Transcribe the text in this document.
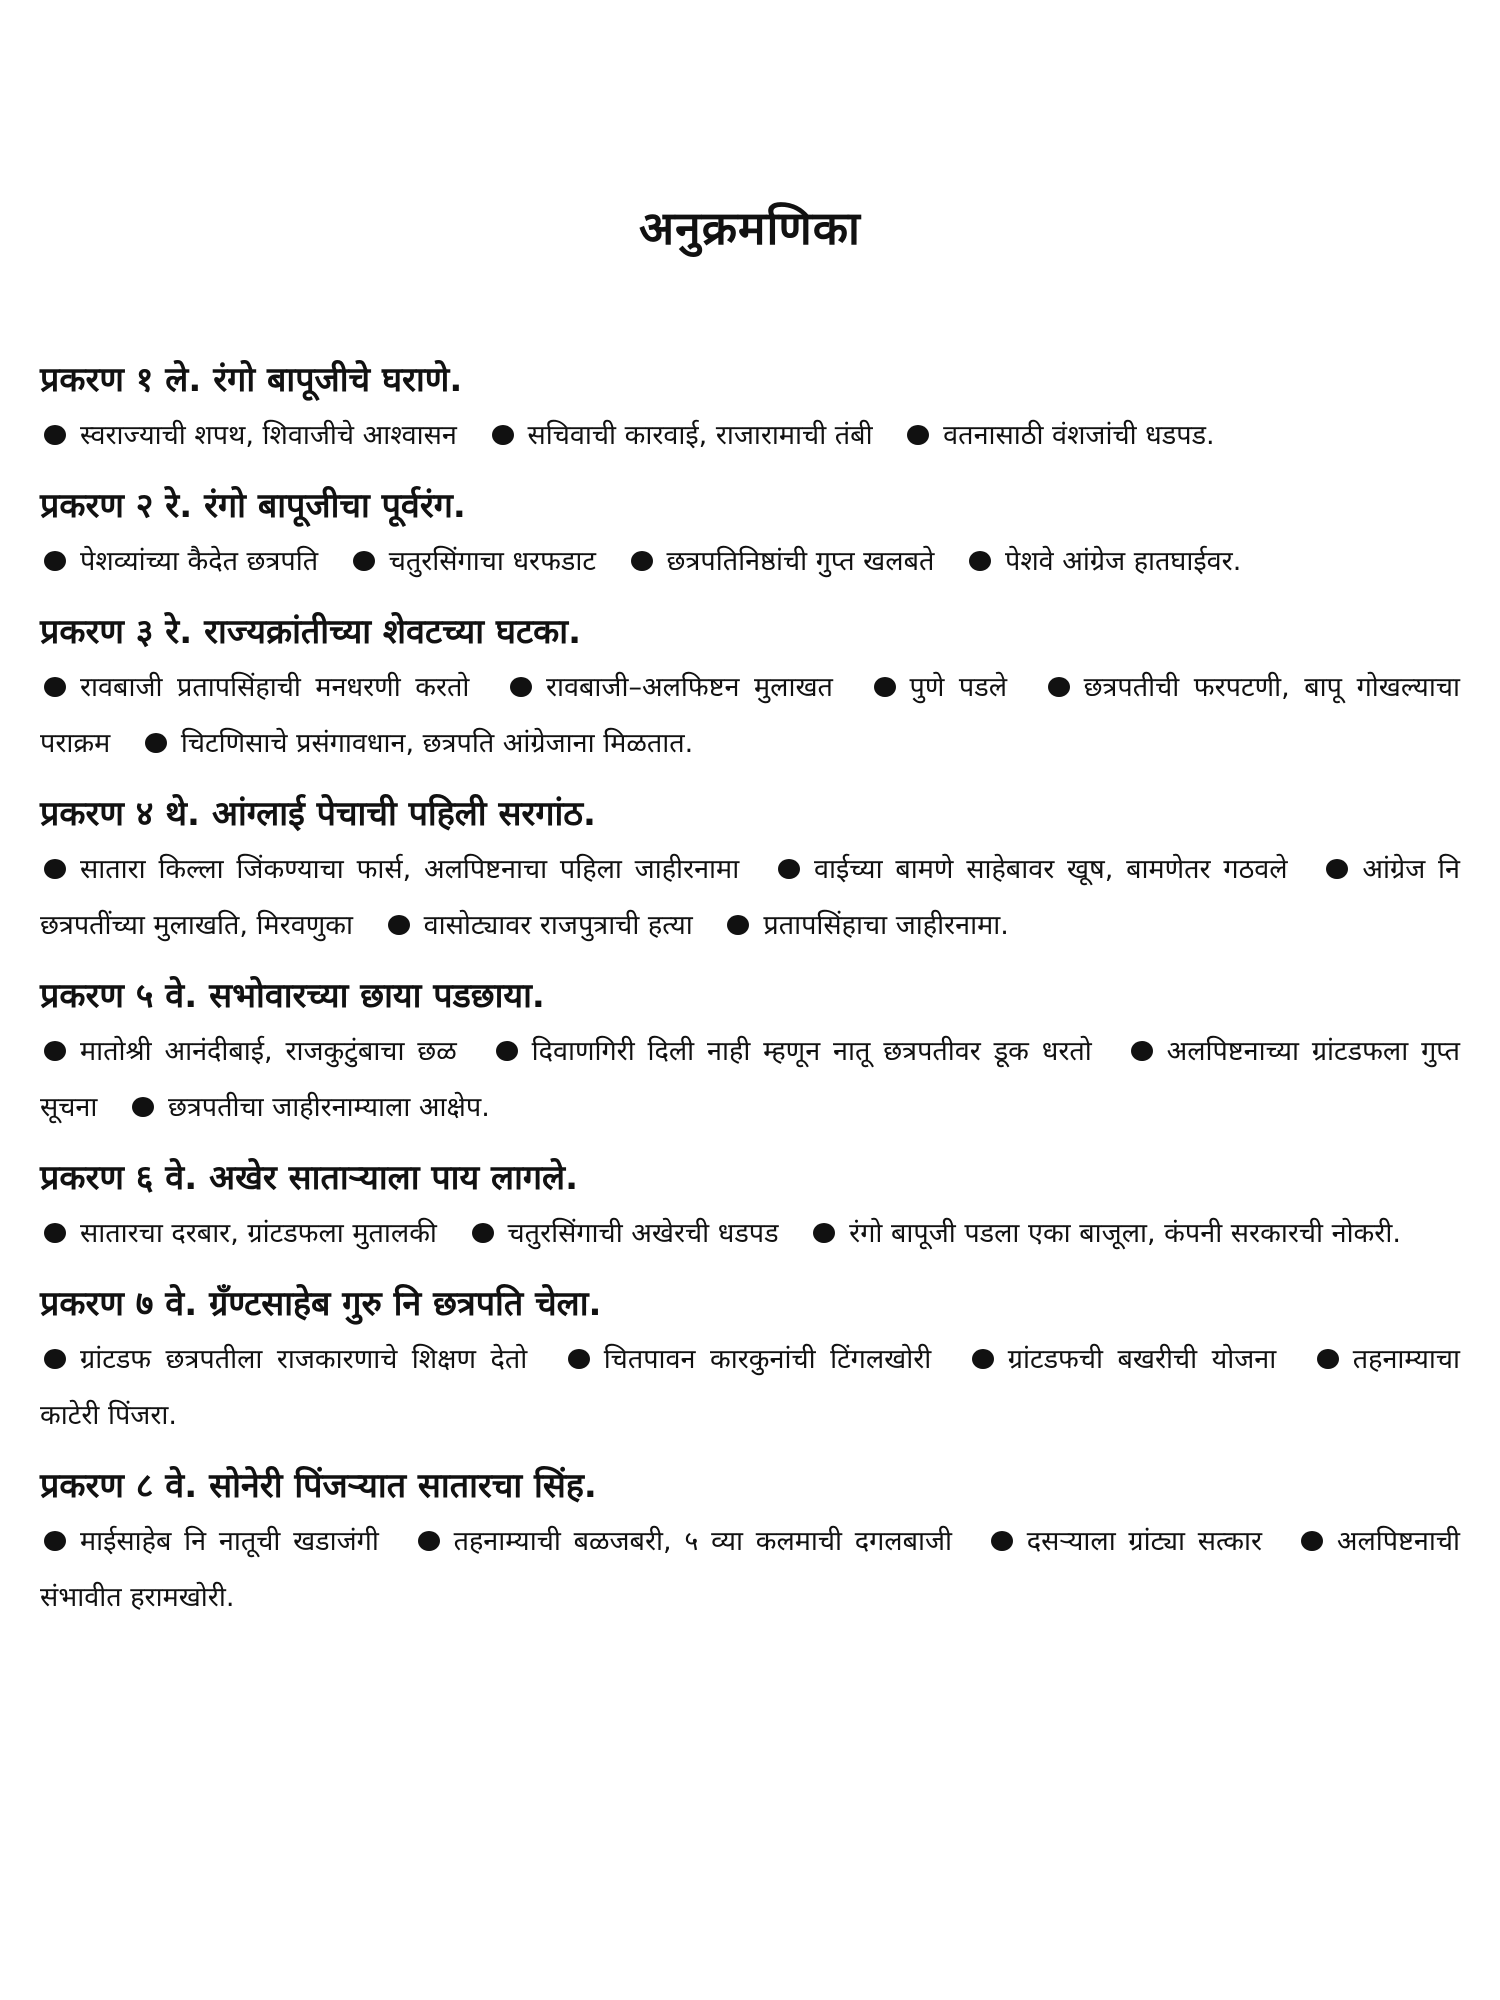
अनुक्रमणिका

प्रकरण १ ले. रंगो बापूजीचे घराणे.

स्वराज्याची शपथ, शिवाजीचे आश्वासन	सचिवाची कारवाई, राजारामाची तंबी	वतनासाठी वंशजांची धडपड.

प्रकरण २ रे. रंगो बापूजीचा पूर्वरंग.

पेशव्यांच्या कैदेत छत्रपति	चतुरसिंगाचा धरफडाट	छत्रपतिनिष्ठांची गुप्त खलबते	पेशवे आंग्रेज हातघाईवर.

प्रकरण ३ रे. राज्यक्रांतीच्या शेवटच्या घटका.

रावबाजी प्रतापसिंहाची मनधरणी करतो	रावबाजी–अलफिष्टन मुलाखत	पुणे पडले	छत्रपतीची फरपटणी, बापू गोखल्याचा पराक्रम	चिटणिसाचे प्रसंगावधान, छत्रपति आंग्रेजाना मिळतात.

प्रकरण ४ थे. आंग्लाई पेचाची पहिली सरगांठ.

सातारा किल्ला जिंकण्याचा फार्स, अलपिष्टनाचा पहिला जाहीरनामा	वाईच्या बामणे साहेबावर खूष, बामणेतर गठवले	आंग्रेज नि छत्रपतींच्या मुलाखति, मिरवणुका	वासोट्यावर राजपुत्राची हत्या	प्रतापसिंहाचा जाहीरनामा.

प्रकरण ५ वे. सभोवारच्या छाया पडछाया.

मातोश्री आनंदीबाई, राजकुटुंबाचा छळ	दिवाणगिरी दिली नाही म्हणून नातू छत्रपतीवर डूक धरतो	अलपिष्टनाच्या ग्रांटडफला गुप्त सूचना	छत्रपतीचा जाहीरनाम्याला आक्षेप.

प्रकरण ६ वे. अखेर साताऱ्याला पाय लागले.

सातारचा दरबार, ग्रांटडफला मुतालकी	चतुरसिंगाची अखेरची धडपड	रंगो बापूजी पडला एका बाजूला, कंपनी सरकारची नोकरी.

प्रकरण ७ वे. ग्रँण्टसाहेब गुरु नि छत्रपति चेला.

ग्रांटडफ छत्रपतीला राजकारणाचे शिक्षण देतो	चितपावन कारकुनांची टिंगलखोरी	ग्रांटडफची बखरीची योजना	तहनाम्याचा काटेरी पिंजरा.

प्रकरण ८ वे. सोनेरी पिंजऱ्यात सातारचा सिंह.

माईसाहेब नि नातूची खडाजंगी	तहनाम्याची बळजबरी, ५ व्या कलमाची दगलबाजी	दसऱ्याला ग्रांट्या सत्कार	अलपिष्टनाची संभावीत हरामखोरी.
